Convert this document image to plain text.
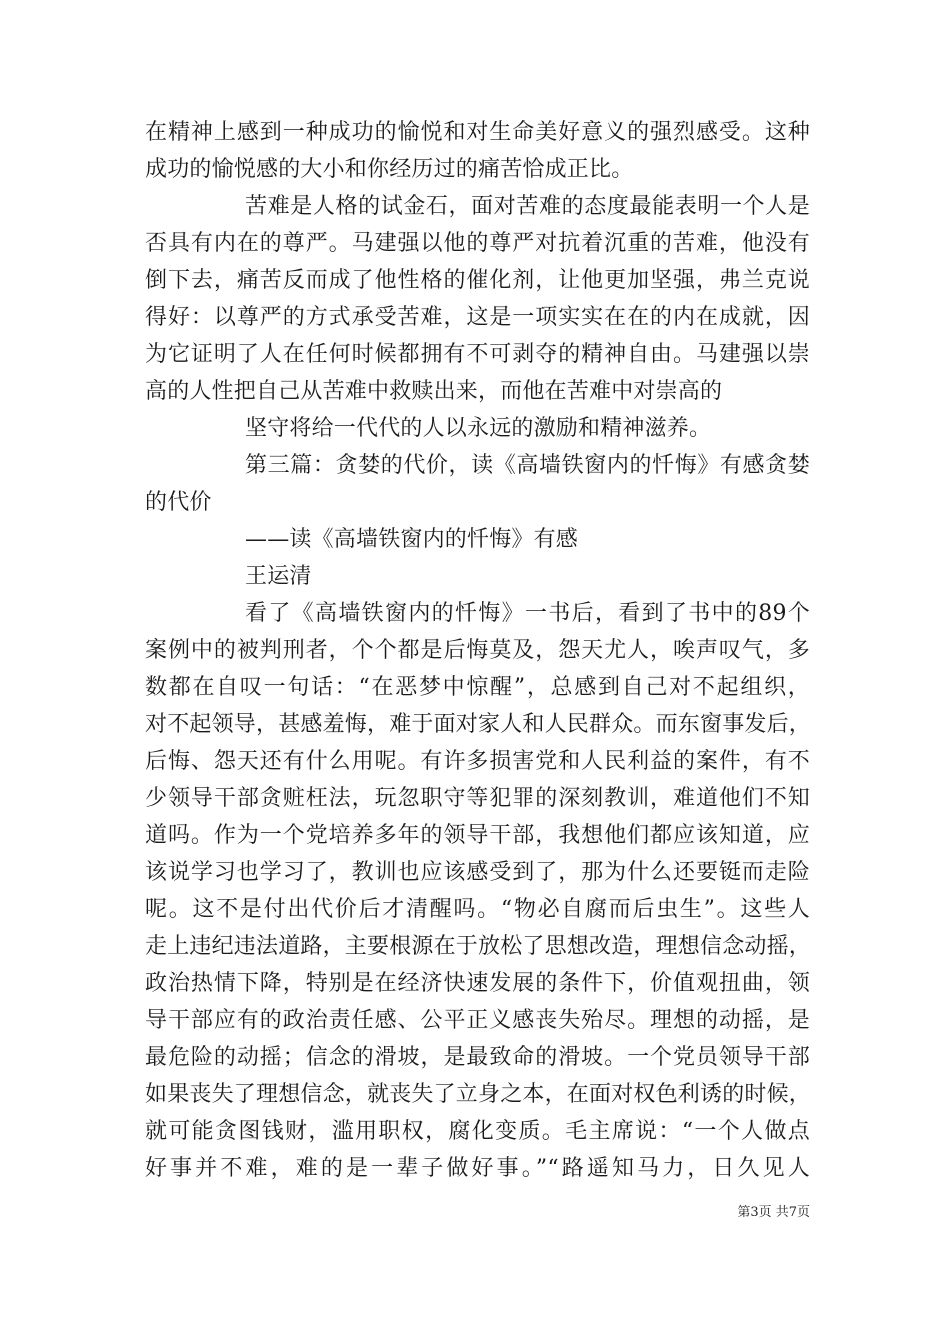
在精神上感到一种成功的愉悦和对生命美好意义的强烈感受。这种
成功的愉悦感的大小和你经历过的痛苦恰成正比。
苦难是人格的试金石，面对苦难的态度最能表明一个人是
否具有内在的尊严。马建强以他的尊严对抗着沉重的苦难，他没有
倒下去，痛苦反而成了他性格的催化剂，让他更加坚强，弗兰克说
得好：以尊严的方式承受苦难，这是一项实实在在的内在成就，因
为它证明了人在任何时候都拥有不可剥夺的精神自由。马建强以崇
高的人性把自己从苦难中救赎出来，而他在苦难中对崇高的
坚守将给一代代的人以永远的激励和精神滋养。
第三篇：贪婪的代价，读《高墙铁窗内的忏悔》有感贪婪
的代价
——读《高墙铁窗内的忏悔》有感
王运清
看了《高墙铁窗内的忏悔》一书后，看到了书中的89个
案例中的被判刑者，个个都是后悔莫及，怨天尤人，唉声叹气，多
数都在自叹一句话：“在恶梦中惊醒”，总感到自己对不起组织，
对不起领导，甚感羞悔，难于面对家人和人民群众。而东窗事发后，
后悔、怨天还有什么用呢。有许多损害党和人民利益的案件，有不
少领导干部贪赃枉法，玩忽职守等犯罪的深刻教训，难道他们不知
道吗。作为一个党培养多年的领导干部，我想他们都应该知道，应
该说学习也学习了，教训也应该感受到了，那为什么还要铤而走险
呢。这不是付出代价后才清醒吗。“物必自腐而后虫生”。这些人
走上违纪违法道路，主要根源在于放松了思想改造，理想信念动摇，
政治热情下降，特别是在经济快速发展的条件下，价值观扭曲，领
导干部应有的政治责任感、公平正义感丧失殆尽。理想的动摇，是
最危险的动摇；信念的滑坡，是最致命的滑坡。一个党员领导干部
如果丧失了理想信念，就丧失了立身之本，在面对权色利诱的时候，
就可能贪图钱财，滥用职权，腐化变质。毛主席说：“一个人做点
好事并不难，难的是一辈子做好事。”“路遥知马力，日久见人
第3页 共7页
